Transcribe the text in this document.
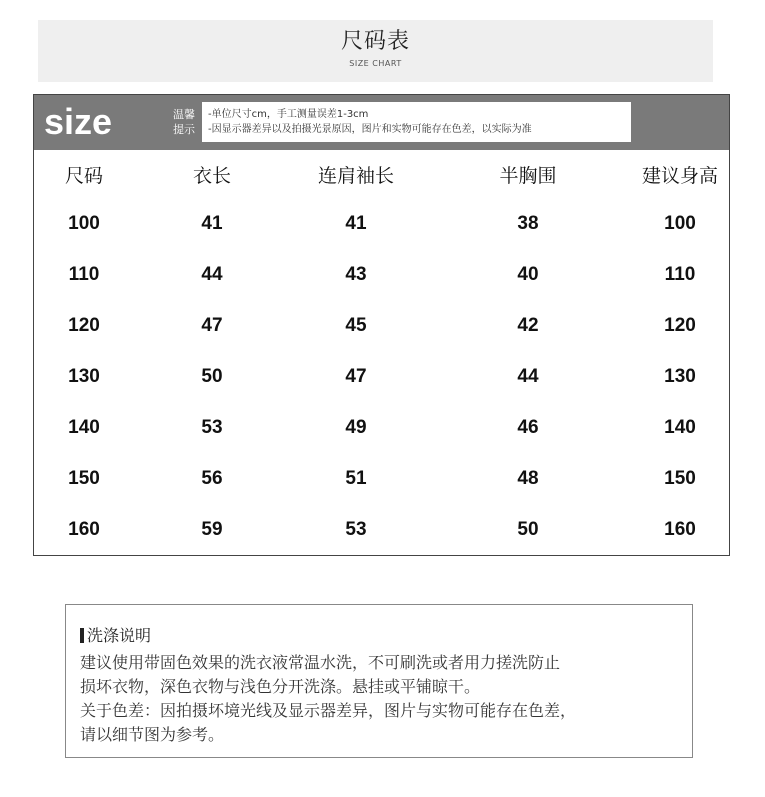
尺码表
SIZE CHART
size	温馨
提示
-单位尺寸cm，手工测量误差1-3cm
-因显示器差异以及拍摄光景原因，图片和实物可能存在色差，以实际为准
尺码	衣长	连肩袖长	半胸围	建议身高
100	41	41	38	100
110	44	43	40	110
120	47	45	42	120
130	50	47	44	130
140	53	49	46	140
150	56	51	48	150
160	59	53	50	160
洗涤说明

建议使用带固色效果的洗衣液常温水洗，不可刷洗或者用力搓洗防止

损坏衣物，深色衣物与浅色分开洗涤。悬挂或平铺晾干。

关于色差：因拍摄坏境光线及显示器差异，图片与实物可能存在色差，

请以细节图为参考。
